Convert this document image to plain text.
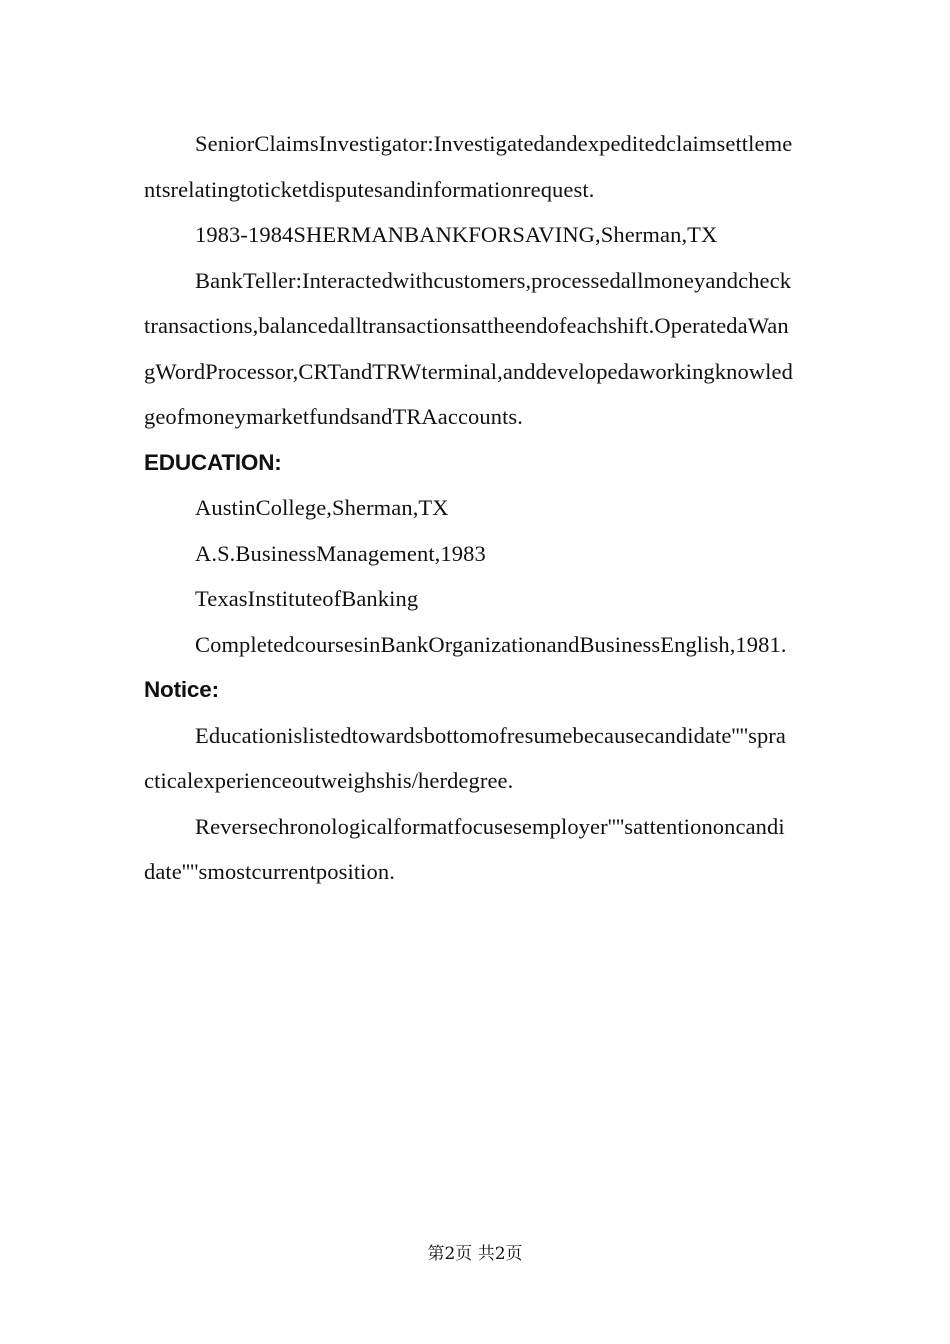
SeniorClaimsInvestigator:Investigatedandexpeditedclaimsettlementsrelatingtoticketdisputesandinformationrequest.

1983-1984SHERMANBANKFORSAVING,Sherman,TX

BankTeller:Interactedwithcustomers,processedallmoneyandchecktransactions,balancedalltransactionsattheendofeachshift.OperatedaWangWordProcessor,CRTandTRWterminal,anddevelopedaworkingknowledgeofmoneymarketfundsandTRAaccounts.

EDUCATION:

AustinCollege,Sherman,TX

A.S.BusinessManagement,1983

TexasInstituteofBanking

CompletedcoursesinBankOrganizationandBusinessEnglish,1981.

Notice:

Educationislistedtowardsbottomofresumebecausecandidate''''spracticalexperienceoutweighshis/herdegree.

Reversechronologicalformatfocusesemployer''''sattentiononcandidate''''smostcurrentposition.

第2页 共2页
